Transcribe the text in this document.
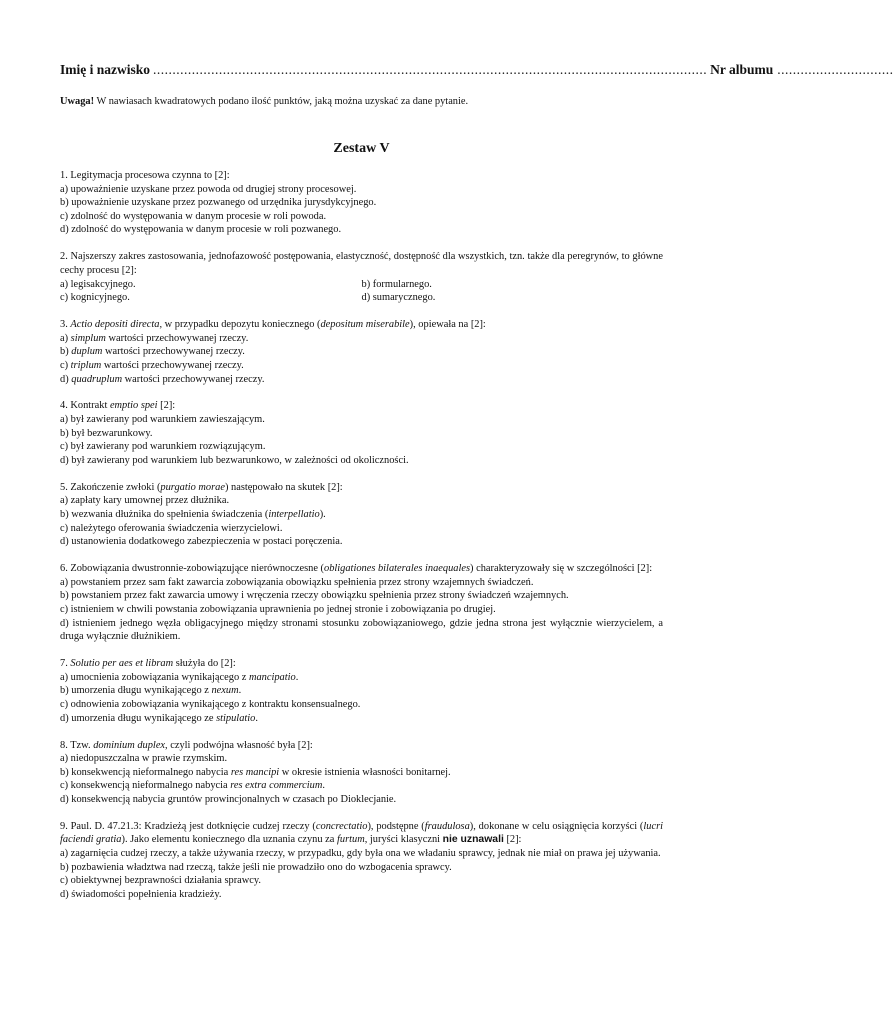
Imię i nazwisko ............................................................................................................................................... Nr albumu ..............................
Uwaga! W nawiasach kwadratowych podano ilość punktów, jaką można uzyskać za dane pytanie.
Zestaw V

1. Legitymacja procesowa czynna to [2]:

a) upoważnienie uzyskane przez powoda od drugiej strony procesowej.

b) upoważnienie uzyskane przez pozwanego od urzędnika jurysdykcyjnego.

c) zdolność do występowania w danym procesie w roli powoda.

d) zdolność do występowania w danym procesie w roli pozwanego.

2. Najszerszy zakres zastosowania, jednofazowość postępowania, elastyczność, dostępność dla wszystkich, tzn. także dla peregrynów, to główne cechy procesu [2]:

a) legisakcyjnego.	b) formularnego.
c) kognicyjnego.	d) sumarycznego.

3. Actio depositi directa, w przypadku depozytu koniecznego (depositum miserabile), opiewała na [2]:

a) simplum wartości przechowywanej rzeczy.

b) duplum wartości przechowywanej rzeczy.

c) triplum wartości przechowywanej rzeczy.

d) quadruplum wartości przechowywanej rzeczy.

4. Kontrakt emptio spei [2]:

a) był zawierany pod warunkiem zawieszającym.

b) był bezwarunkowy.

c) był zawierany pod warunkiem rozwiązującym.

d) był zawierany pod warunkiem lub bezwarunkowo, w zależności od okoliczności.

5. Zakończenie zwłoki (purgatio morae) następowało na skutek [2]:

a) zapłaty kary umownej przez dłużnika.

b) wezwania dłużnika do spełnienia świadczenia (interpellatio).

c) należytego oferowania świadczenia wierzycielowi.

d) ustanowienia dodatkowego zabezpieczenia w postaci poręczenia.

6. Zobowiązania dwustronnie-zobowiązujące nierównoczesne (obligationes bilaterales inaequales) charakteryzowały się w szczególności [2]:

a) powstaniem przez sam fakt zawarcia zobowiązania obowiązku spełnienia przez strony wzajemnych świadczeń.

b) powstaniem przez fakt zawarcia umowy i wręczenia rzeczy obowiązku spełnienia przez strony świadczeń wzajemnych.

c) istnieniem w chwili powstania zobowiązania uprawnienia po jednej stronie i zobowiązania po drugiej.

d) istnieniem jednego węzła obligacyjnego między stronami stosunku zobowiązaniowego, gdzie jedna strona jest wyłącznie wierzycielem, a druga wyłącznie dłużnikiem.

7. Solutio per aes et libram służyła do [2]:

a) umocnienia zobowiązania wynikającego z mancipatio.

b) umorzenia długu wynikającego z nexum.

c) odnowienia zobowiązania wynikającego z kontraktu konsensualnego.

d) umorzenia długu wynikającego ze stipulatio.

8. Tzw. dominium duplex, czyli podwójna własność była [2]:

a) niedopuszczalna w prawie rzymskim.

b) konsekwencją nieformalnego nabycia res mancipi w okresie istnienia własności bonitarnej.

c) konsekwencją nieformalnego nabycia res extra commercium.

d) konsekwencją nabycia gruntów prowincjonalnych w czasach po Dioklecjanie.

9. Paul. D. 47.21.3: Kradzieżą jest dotknięcie cudzej rzeczy (concrectatio), podstępne (fraudulosa), dokonane w celu osiągnięcia korzyści (lucri faciendi gratia). Jako elementu koniecznego dla uznania czynu za furtum, juryści klasyczni nie uznawali [2]:

a) zagarnięcia cudzej rzeczy, a także używania rzeczy, w przypadku, gdy była ona we władaniu sprawcy, jednak nie miał on prawa jej używania.

b) pozbawienia władztwa nad rzeczą, także jeśli nie prowadziło ono do wzbogacenia sprawcy.

c) obiektywnej bezprawności działania sprawcy.

d) świadomości popełnienia kradzieży.
